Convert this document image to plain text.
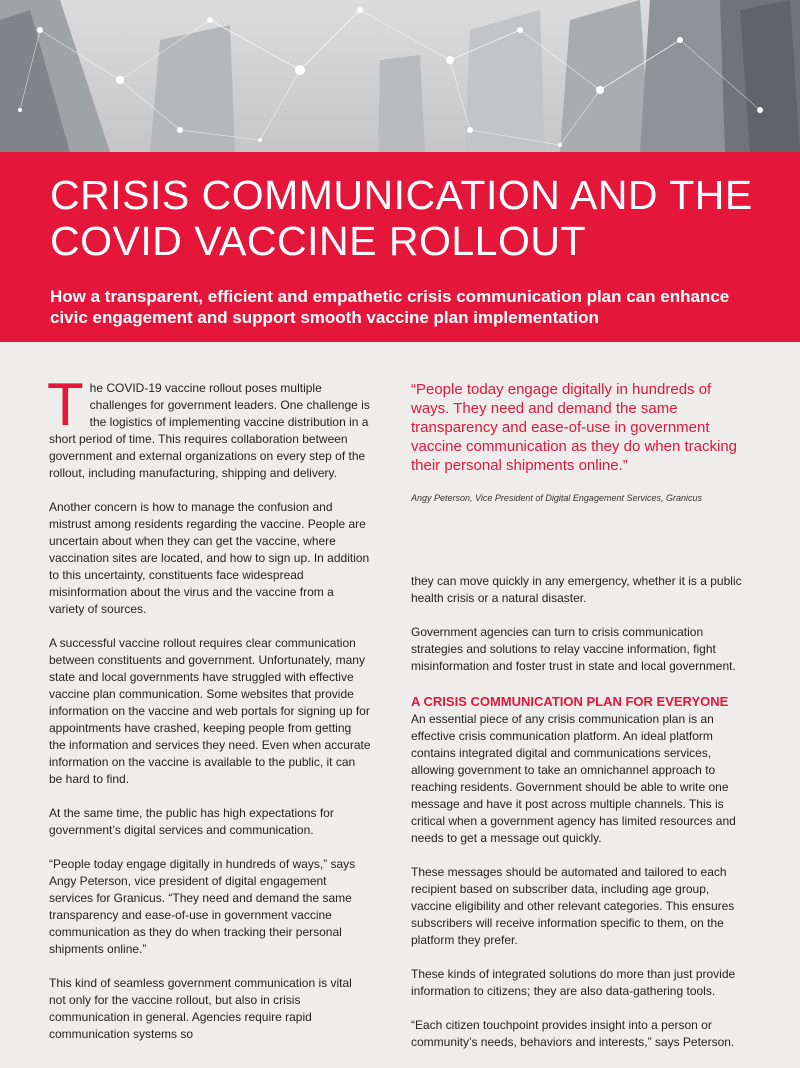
CRISIS COMMUNICATION AND THE COVID VACCINE ROLLOUT

How a transparent, efficient and empathetic crisis communication plan can enhance civic engagement and support smooth vaccine plan implementation

The COVID-19 vaccine rollout poses multiple challenges for government leaders. One challenge is the logistics of implementing vaccine distribution in a short period of time. This requires collaboration between government and external organizations on every step of the rollout, including manufacturing, shipping and delivery.

Another concern is how to manage the confusion and mistrust among residents regarding the vaccine. People are uncertain about when they can get the vaccine, where vaccination sites are located, and how to sign up. In addition to this uncertainty, constituents face widespread misinformation about the virus and the vaccine from a variety of sources.

A successful vaccine rollout requires clear communication between constituents and government. Unfortunately, many state and local governments have struggled with effective vaccine plan communication. Some websites that provide information on the vaccine and web portals for signing up for appointments have crashed, keeping people from getting the information and services they need. Even when accurate information on the vaccine is available to the public, it can be hard to find.

At the same time, the public has high expectations for government’s digital services and communication.

“People today engage digitally in hundreds of ways,” says Angy Peterson, vice president of digital engagement services for Granicus. “They need and demand the same transparency and ease-of-use in government vaccine communication as they do when tracking their personal shipments online.”

This kind of seamless government communication is vital not only for the vaccine rollout, but also in crisis communication in general. Agencies require rapid communication systems so

“People today engage digitally in hundreds of ways. They need and demand the same transparency and ease-of-use in government vaccine communication as they do when tracking their personal shipments online.”

Angy Peterson, Vice President of Digital Engagement Services, Granicus

they can move quickly in any emergency, whether it is a public health crisis or a natural disaster.

Government agencies can turn to crisis communication strategies and solutions to relay vaccine information, fight misinformation and foster trust in state and local government.

A CRISIS COMMUNICATION PLAN FOR EVERYONE

An essential piece of any crisis communication plan is an effective crisis communication platform. An ideal platform contains integrated digital and communications services, allowing government to take an omnichannel approach to reaching residents. Government should be able to write one message and have it post across multiple channels. This is critical when a government agency has limited resources and needs to get a message out quickly.

These messages should be automated and tailored to each recipient based on subscriber data, including age group, vaccine eligibility and other relevant categories. This ensures subscribers will receive information specific to them, on the platform they prefer.

These kinds of integrated solutions do more than just provide information to citizens; they are also data-gathering tools.

“Each citizen touchpoint provides insight into a person or community’s needs, behaviors and interests,” says Peterson.
